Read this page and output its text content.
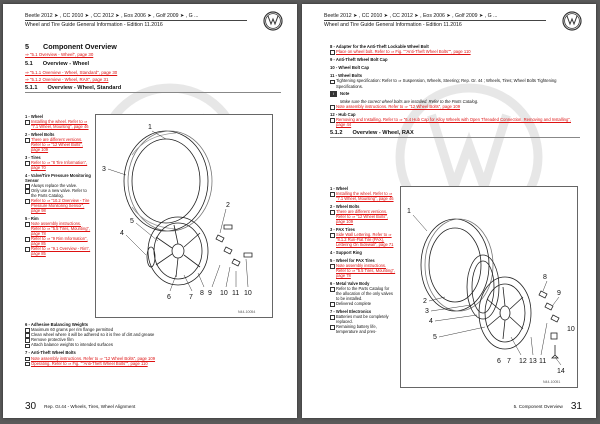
Beetle 2012 ➤ , CC 2010 ➤ , CC 2012 ➤ , Eos 2006 ➤ , Golf 2009 ➤ , G ...
Wheel and Tire Guide General Information - Edition 11.2016
5 Component Overview
⇒ "5.1 Overview - Wheel", page 30
5.1 Overview - Wheel
⇒ "5.1.1 Overview - Wheel, Standard", page 30
⇒ "5.1.2 Overview - Wheel, RAX", page 31
5.1.1 Overview - Wheel, Standard
1 - Wheel
Installing the wheel. Refer to ⇒ "7.1 Wheel, Mounting", page 46
2 - Wheel Bolts
There are different versions. Refer to ⇒ "12 Wheel Bolts", page 109
3 - Tires
Refer to ⇒ "8 Tire Information", page 70
4 - Valve/Tire Pressure Monitoring Sensor
Always replace the valve.
Only use a new valve. Refer to the Parts Catalog.
Refer to ⇒ "10.2 Overview - Tire Pressure Monitoring Sensor", page 98
5 - Rim
Note assembly instructions. Refer to ⇒ "5.5 Tires, Mounting", page 78
Refer to ⇒ "9 Rim Information", page 85
Refer to ⇒ "9.1 Overview - Rim", page 85
1
2
3
4
5
6	7
8 9 10 11 10
N44-10054
6 - Adhesive Balancing Weights
Maximum 60 grams per rim flange permitted
Clean wheel where it will be adhered so it is free of dirt and grease
Remove protective film
Attach balance weights to intended surfaces
7 - Anti-Theft Wheel Bolts
Note assembly instructions. Refer to ⇒ "12 Wheel Bolts", page 109
Operating. Refer to ⇒ Fig. ""Anti-Theft Wheel Bolts"", page 110
30 Rep. Gr.44 - Wheels, Tires, Wheel Alignment
Beetle 2012 ➤ , CC 2010 ➤ , CC 2012 ➤ , Eos 2006 ➤ , Golf 2009 ➤ , G ...
Wheel and Tire Guide General Information - Edition 11.2016
8 - Adapter for the Anti-Theft Lockable Wheel Bolt
Place on wheel bolt. Refer to ⇒ Fig. ""Anti-Theft Wheel Bolts"", page 110
9 - Anti-Theft Wheel Bolt Cap
10 - Wheel Bolt Cap
11 - Wheel Bolts
Tightening specification: Refer to ⇒ Suspension, Wheels, Steering; Rep. Gr. 44 ; Wheels, Tires; Wheel Bolts Tightening Specifications.
i	Note
Make sure the correct wheel bolts are installed. Refer to the Parts Catalog.
Note assembly instructions. Refer to ⇒ "12 Wheel Bolts", page 109
12 - Hub Cap
Removing and Installing. Refer to ⇒ "6.4 Hub Cap for Alloy Wheels with Open Threaded Connection, Removing and Installing", page 44
5.1.2 Overview - Wheel, RAX
1 - Wheel
Installing the wheel. Refer to ⇒ "7.1 Wheel, Mounting", page 46
2 - Wheel Bolts
There are different versions. Refer to ⇒ "12 Wheel Bolts", page 109
3 - PAX Tires
Side Wall Lettering. Refer to ⇒ "8.1.2 Run-Flat Tire (PAX), Lettering On Sidewall", page 71
4 - Support Ring
5 - Wheel for PAX Tires
Note assembly instructions. Refer to ⇒ "5.5 Tires, Mounting", page 78
6 - Metal Valve Body
Refer to the Parts Catalog for the allocation of the only valves to be installed.
Delivered complete
7 - Wheel Electronics
Batteries must be completely replaced.
Remaining battery life, temperature and pres-
1
2
3
4
5
6 7
8
9
12 13 11
14
10
N44-10051
5. Component Overview 31
